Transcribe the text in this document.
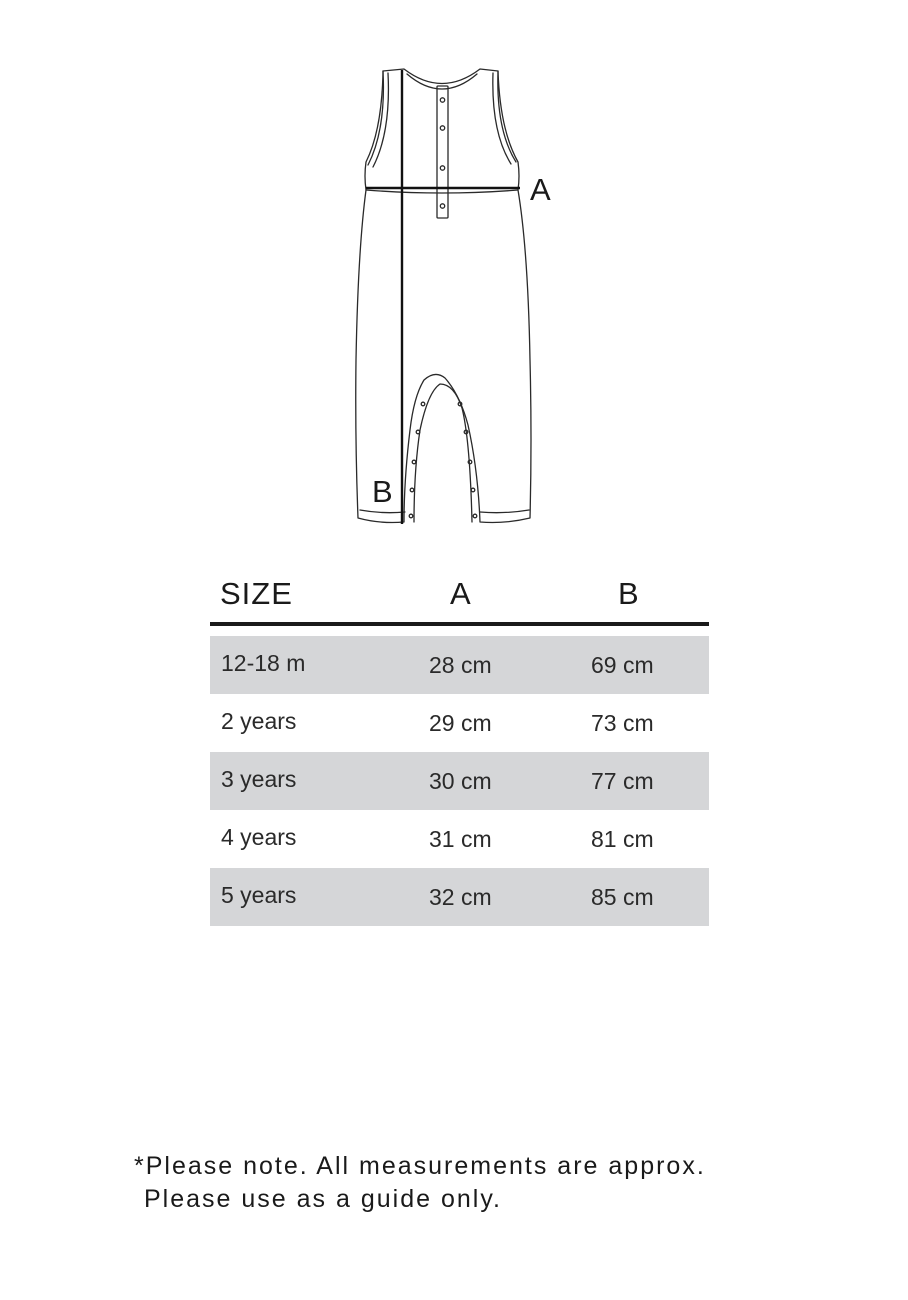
A
B
SIZE	A	B
12-18 m	28 cm	69 cm
2 years	29 cm	73 cm
3 years	30 cm	77 cm
4 years	31 cm	81 cm
5 years	32 cm	85 cm
*Please note. All measurements are approx.
Please use as a guide only.
